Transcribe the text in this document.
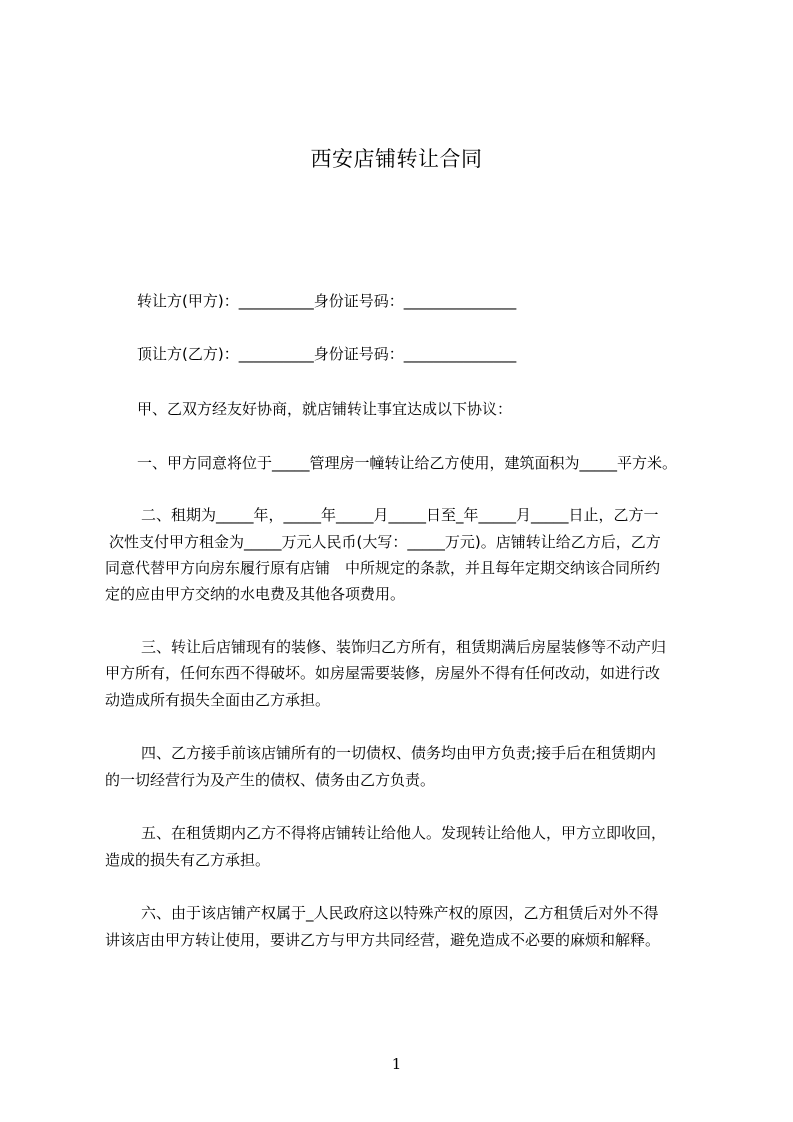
西安店铺转让合同
转让方(甲方)：__________身份证号码：_______________
顶让方(乙方)：__________身份证号码：_______________
甲、乙双方经友好协商，就店铺转让事宜达成以下协议：
一、甲方同意将位于_____管理房一幢转让给乙方使用，建筑面积为_____平方米。
二、租期为_____年，_____年_____月_____日至_年_____月_____日止，乙方一
次性支付甲方租金为_____万元人民币(大写：_____万元)。店铺转让给乙方后，乙方
同意代替甲方向房东履行原有店铺　中所规定的条款，并且每年定期交纳该合同所约
定的应由甲方交纳的水电费及其他各项费用。
三、转让后店铺现有的装修、装饰归乙方所有，租赁期满后房屋装修等不动产归
甲方所有，任何东西不得破坏。如房屋需要装修，房屋外不得有任何改动，如进行改
动造成所有损失全面由乙方承担。
四、乙方接手前该店铺所有的一切债权、债务均由甲方负责;接手后在租赁期内
的一切经营行为及产生的债权、债务由乙方负责。
五、在租赁期内乙方不得将店铺转让给他人。发现转让给他人，甲方立即收回，
造成的损失有乙方承担。
六、由于该店铺产权属于_人民政府这以特殊产权的原因，乙方租赁后对外不得
讲该店由甲方转让使用，要讲乙方与甲方共同经营，避免造成不必要的麻烦和解释。
1
